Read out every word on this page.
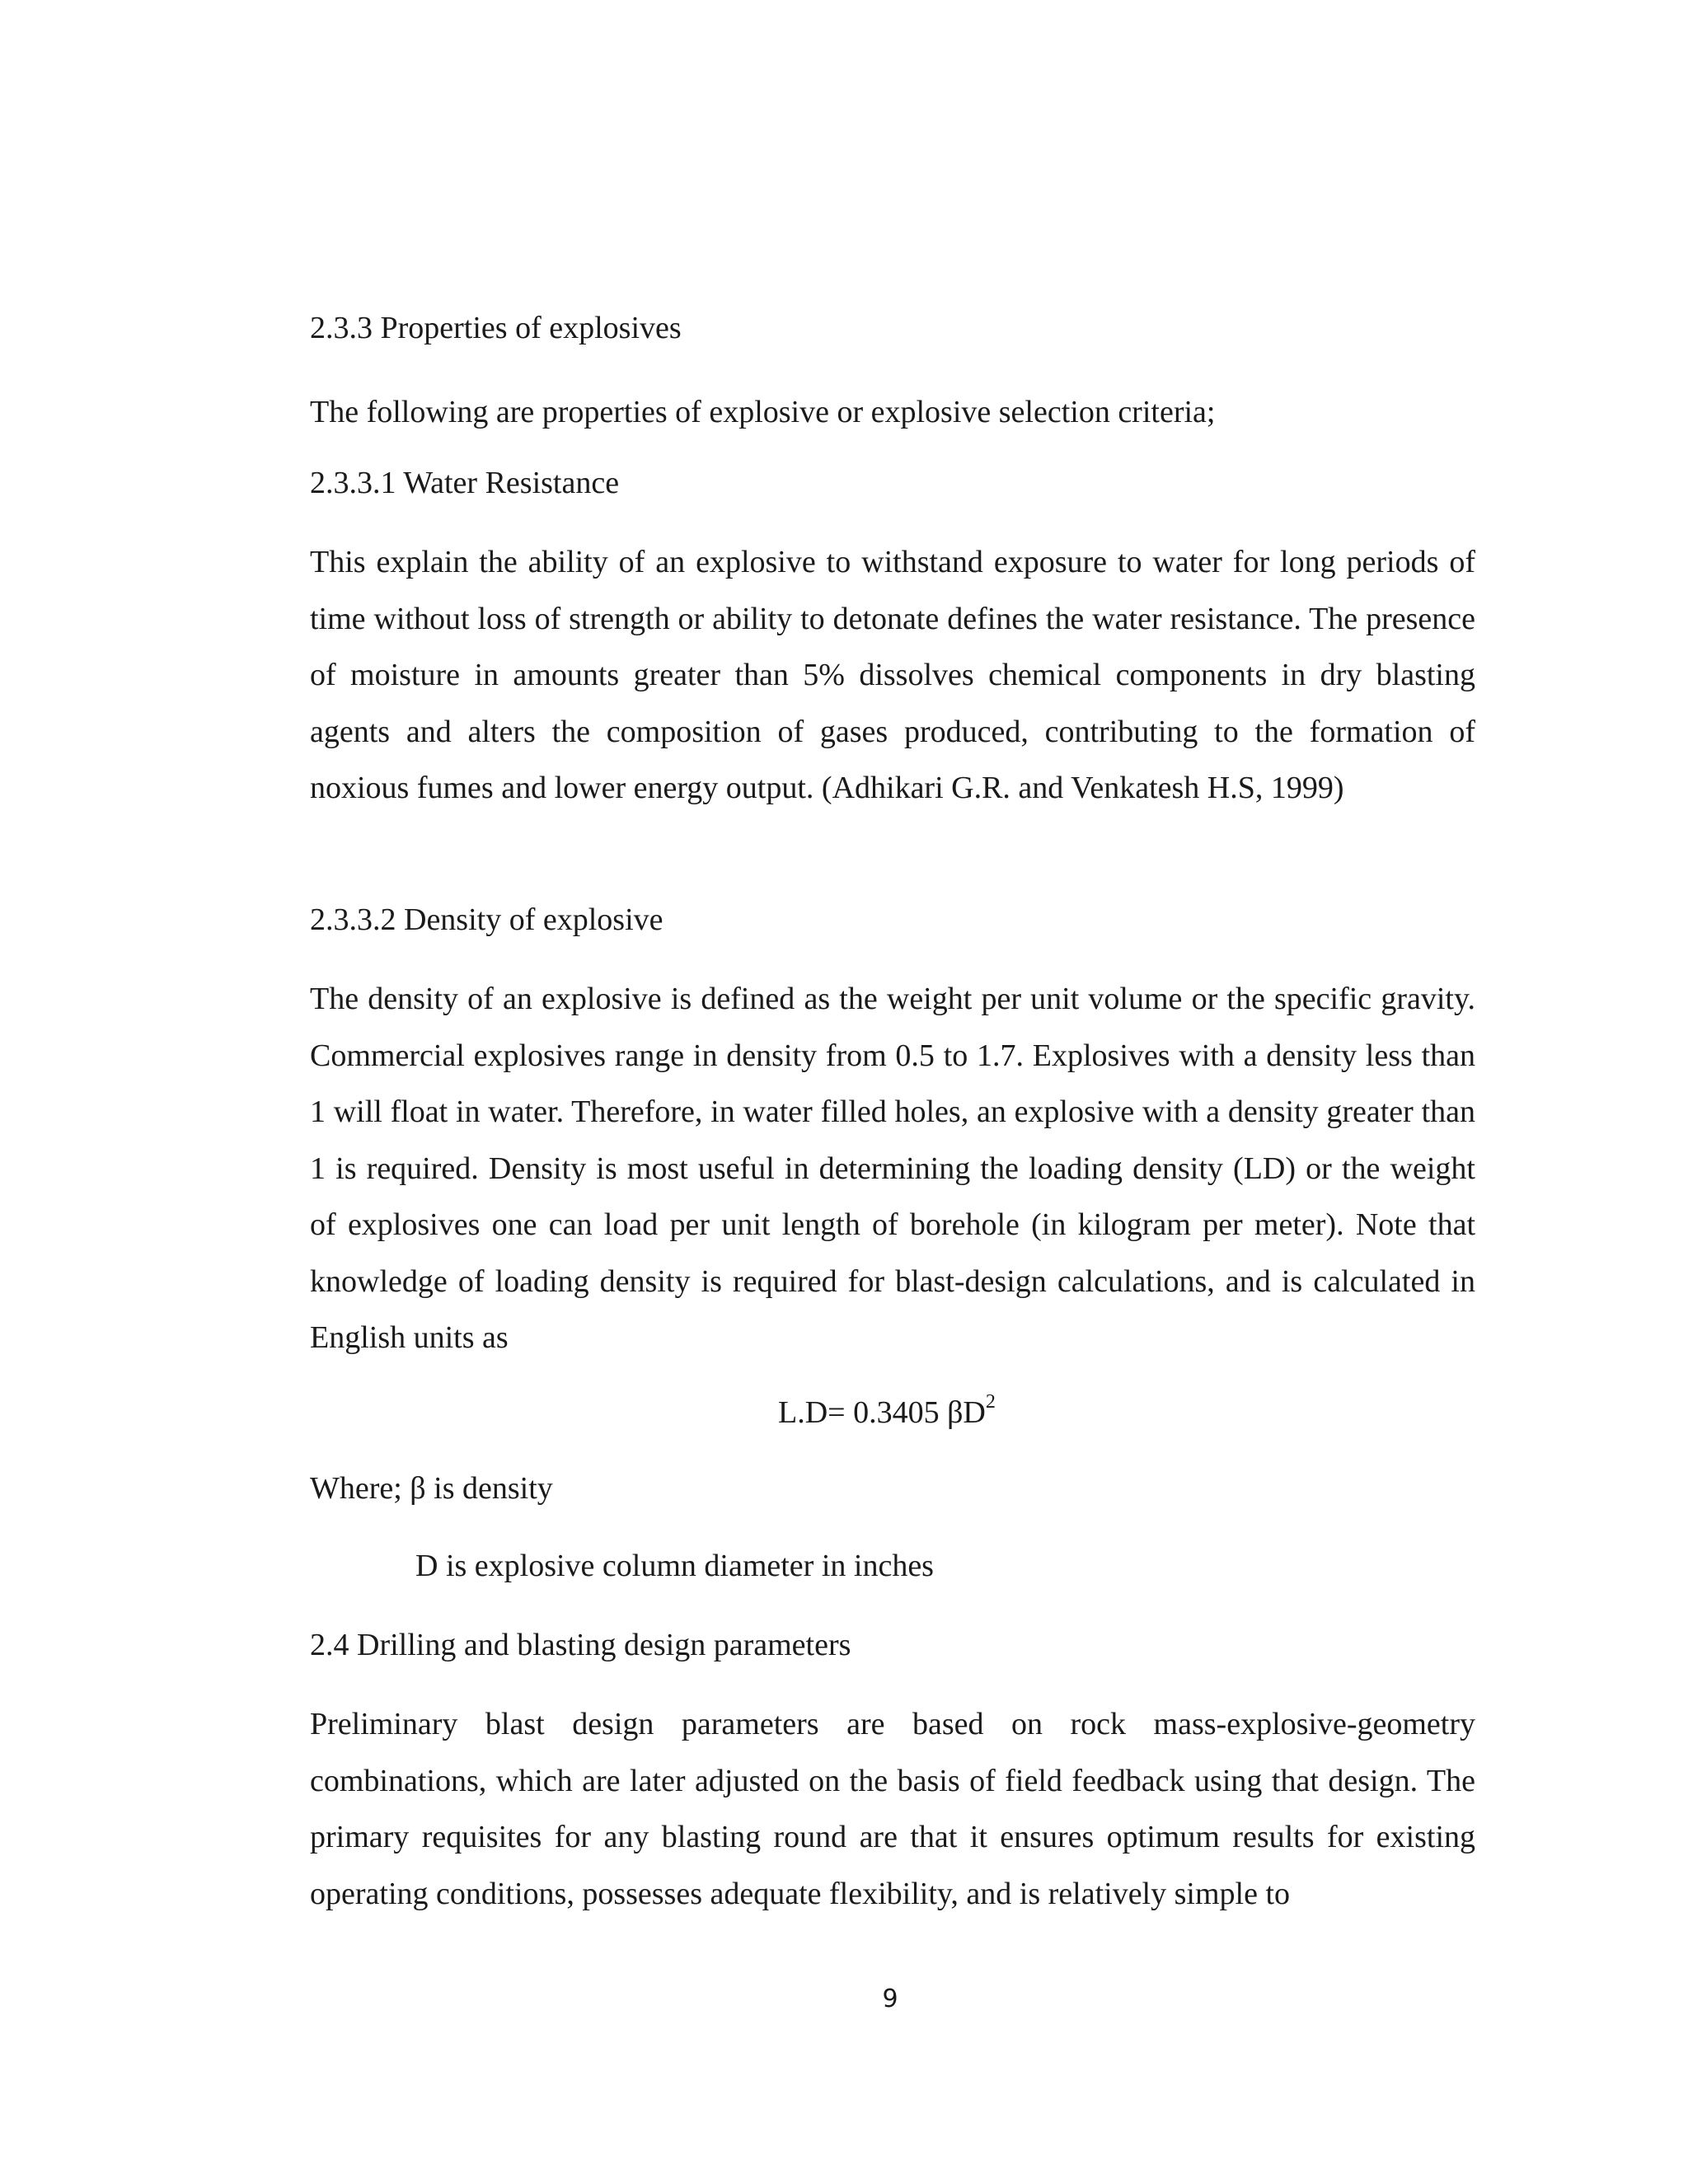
2.3.3 Properties of explosives

The following are properties of explosive or explosive selection criteria;

2.3.3.1 Water Resistance

This explain the ability of an explosive to withstand exposure to water for long periods of time without loss of strength or ability to detonate defines the water resistance. The presence of moisture in amounts greater than 5% dissolves chemical components in dry blasting agents and alters the composition of gases produced, contributing to the formation of noxious fumes and lower energy output. (Adhikari G.R. and Venkatesh H.S, 1999)

2.3.3.2 Density of explosive

The density of an explosive is defined as the weight per unit volume or the specific gravity. Commercial explosives range in density from 0.5 to 1.7. Explosives with a density less than 1 will float in water. Therefore, in water filled holes, an explosive with a density greater than 1 is required. Density is most useful in determining the loading density (LD) or the weight of explosives one can load per unit length of borehole (in kilogram per meter). Note that knowledge of loading density is required for blast-design calculations, and is calculated in English units as

L.D= 0.3405 $\beta D^2$

Where; β is density

D is explosive column diameter in inches

2.4 Drilling and blasting design parameters

Preliminary blast design parameters are based on rock mass-explosive-geometry combinations, which are later adjusted on the basis of field feedback using that design. The primary requisites for any blasting round are that it ensures optimum results for existing operating conditions, possesses adequate flexibility, and is relatively simple to

9
